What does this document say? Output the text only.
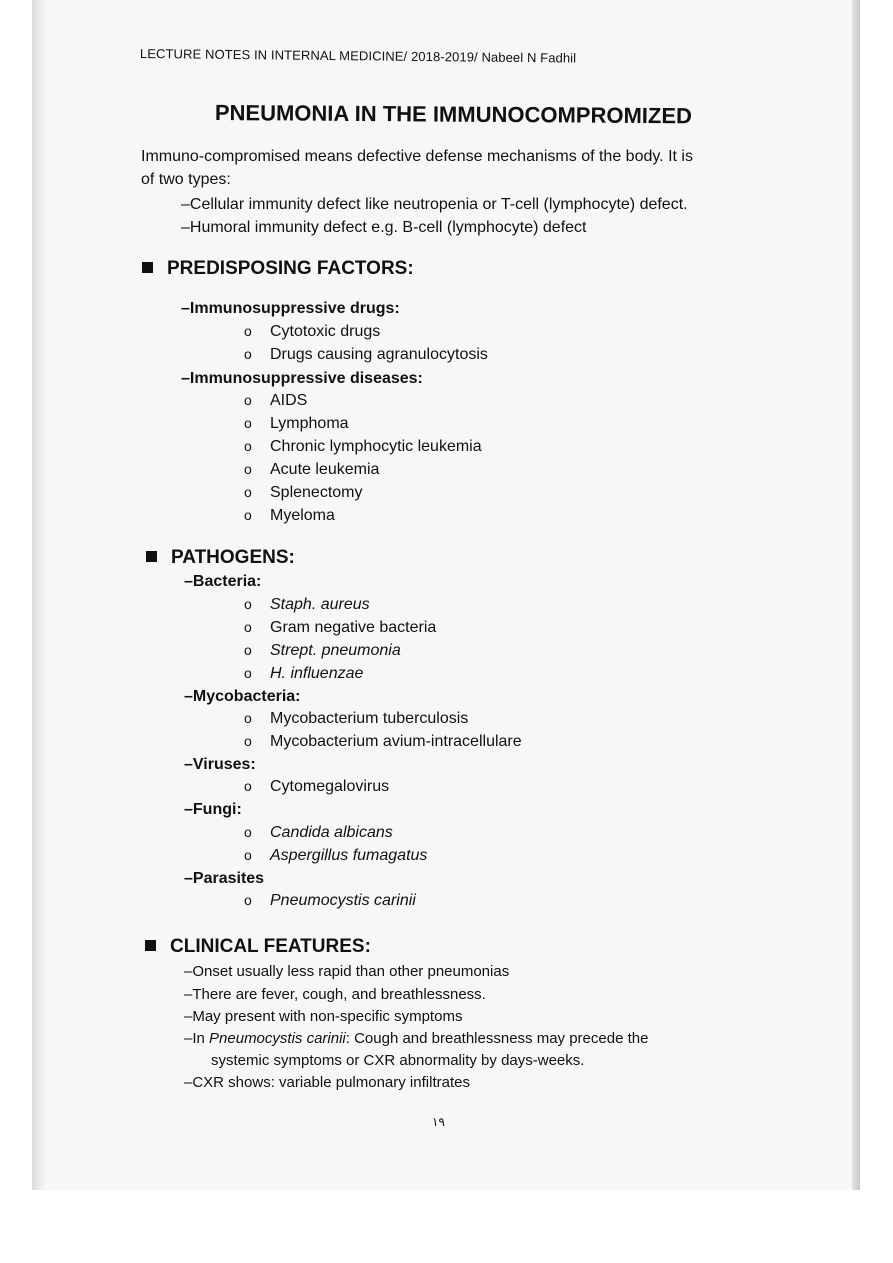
LECTURE NOTES IN INTERNAL MEDICINE/ 2018-2019/ Nabeel N Fadhil
PNEUMONIA IN THE IMMUNOCOMPROMIZED
Immuno-compromised means defective defense mechanisms of the body. It is
of two types:
–Cellular immunity defect like neutropenia or T-cell (lymphocyte) defect.
–Humoral immunity defect e.g. B-cell (lymphocyte) defect
PREDISPOSING FACTORS:
–Immunosuppressive drugs:
o Cytotoxic drugs
o Drugs causing agranulocytosis
–Immunosuppressive diseases:
o AIDS
o Lymphoma
o Chronic lymphocytic leukemia
o Acute leukemia
o Splenectomy
o Myeloma
PATHOGENS:
–Bacteria:
o Staph. aureus
o Gram negative bacteria
o Strept. pneumonia
o H. influenzae
–Mycobacteria:
o Mycobacterium tuberculosis
o Mycobacterium avium-intracellulare
–Viruses:
o Cytomegalovirus
–Fungi:
o Candida albicans
o Aspergillus fumagatus
–Parasites
o Pneumocystis carinii
CLINICAL FEATURES:
–Onset usually less rapid than other pneumonias
–There are fever, cough, and breathlessness.
–May present with non-specific symptoms
–In Pneumocystis carinii: Cough and breathlessness may precede the
systemic symptoms or CXR abnormality by days-weeks.
–CXR shows: variable pulmonary infiltrates
١٩
